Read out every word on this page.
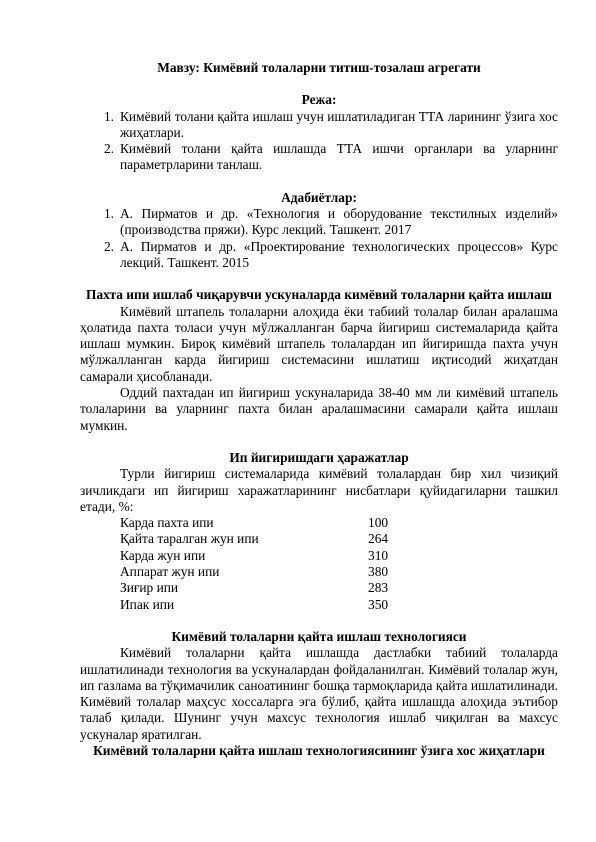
Мавзу: Кимёвий толаларни титиш-тозалаш агрегати
Режа:
1. Кимёвий толани қайта ишлаш учун ишлатиладиган ТТА ларининг ўзига хос жиҳатлари.
2. Кимёвий толани қайта ишлашда ТТА ишчи органлари ва уларнинг параметрларини танлаш.
Адабиётлар:
1. А. Пирматов и др. «Технология и оборудование текстилных изделий» (производства пряжи). Курс лекций. Ташкент. 2017
2. А. Пирматов и др. «Проектирование технологических процессов» Курс лекций. Ташкент. 2015
Пахта ипи ишлаб чиқарувчи ускуналарда кимёвий толаларни қайта ишлаш

Кимёвий штапель толаларни алоҳида ёки табиий толалар билан аралашма ҳолатида пахта толаси учун мўлжалланган барча йигириш системаларида қайта ишлаш мумкин. Бироқ кимёвий штапель толалардан ип йигиришда пахта учун мўлжалланган карда йигириш системасини ишлатиш иқтисодий жиҳатдан самарали ҳисобланади.

Оддий пахтадан ип йигириш ускуналарида 38-40 мм ли кимёвий штапель толаларини ва уларнинг пахта билан аралашмасини самарали қайта ишлаш мумкин.

Ип йигиришдаги ҳаражатлар

Турли йигириш системаларида кимёвий толалардан бир хил чизиқий зичликдаги ип йигириш харажатларининг нисбатлари қуйидагиларни ташкил етади, %:

Карда пахта ипи	100
Қайта таралган жун ипи	264
Карда жун ипи	310
Аппарат жун ипи	380
Зиғир ипи	283
Ипак ипи	350
Кимёвий толаларни қайта ишлаш технологияси

Кимёвий толаларни қайта ишлашда дастлабки табиий толаларда ишлатилинади технология ва ускуналардан фойдаланилган. Кимёвий толалар жун, ип газлама ва тўқимачилик саноатининг бошқа тармоқларида қайта ишлатилинади. Кимёвий толалар маҳсус хоссаларга эга бўлиб, қайта ишлашда алоҳида эътибор талаб қилади. Шунинг учун махсус технология ишлаб чиқилган ва махсус ускуналар яратилган.

Кимёвий толаларни қайта ишлаш технологиясининг ўзига хос жиҳатлари
